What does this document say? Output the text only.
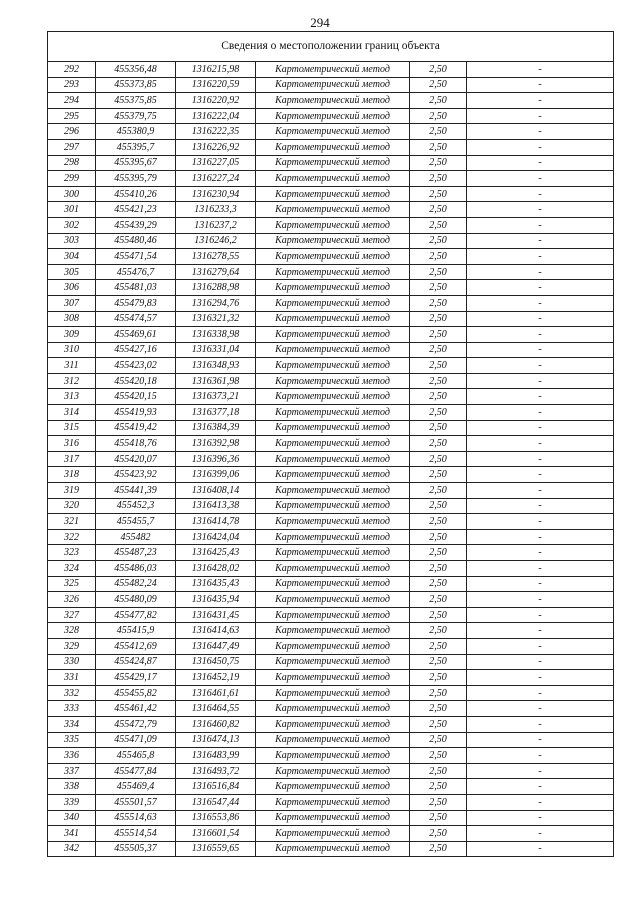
294
Сведения о местоположении границ объекта					
292	455356,48	1316215,98	Картометрический метод	2,50	-
293	455373,85	1316220,59	Картометрический метод	2,50	-
294	455375,85	1316220,92	Картометрический метод	2,50	-
295	455379,75	1316222,04	Картометрический метод	2,50	-
296	455380,9	1316222,35	Картометрический метод	2,50	-
297	455395,7	1316226,92	Картометрический метод	2,50	-
298	455395,67	1316227,05	Картометрический метод	2,50	-
299	455395,79	1316227,24	Картометрический метод	2,50	-
300	455410,26	1316230,94	Картометрический метод	2,50	-
301	455421,23	1316233,3	Картометрический метод	2,50	-
302	455439,29	1316237,2	Картометрический метод	2,50	-
303	455480,46	1316246,2	Картометрический метод	2,50	-
304	455471,54	1316278,55	Картометрический метод	2,50	-
305	455476,7	1316279,64	Картометрический метод	2,50	-
306	455481,03	1316288,98	Картометрический метод	2,50	-
307	455479,83	1316294,76	Картометрический метод	2,50	-
308	455474,57	1316321,32	Картометрический метод	2,50	-
309	455469,61	1316338,98	Картометрический метод	2,50	-
310	455427,16	1316331,04	Картометрический метод	2,50	-
311	455423,02	1316348,93	Картометрический метод	2,50	-
312	455420,18	1316361,98	Картометрический метод	2,50	-
313	455420,15	1316373,21	Картометрический метод	2,50	-
314	455419,93	1316377,18	Картометрический метод	2,50	-
315	455419,42	1316384,39	Картометрический метод	2,50	-
316	455418,76	1316392,98	Картометрический метод	2,50	-
317	455420,07	1316396,36	Картометрический метод	2,50	-
318	455423,92	1316399,06	Картометрический метод	2,50	-
319	455441,39	1316408,14	Картометрический метод	2,50	-
320	455452,3	1316413,38	Картометрический метод	2,50	-
321	455455,7	1316414,78	Картометрический метод	2,50	-
322	455482	1316424,04	Картометрический метод	2,50	-
323	455487,23	1316425,43	Картометрический метод	2,50	-
324	455486,03	1316428,02	Картометрический метод	2,50	-
325	455482,24	1316435,43	Картометрический метод	2,50	-
326	455480,09	1316435,94	Картометрический метод	2,50	-
327	455477,82	1316431,45	Картометрический метод	2,50	-
328	455415,9	1316414,63	Картометрический метод	2,50	-
329	455412,69	1316447,49	Картометрический метод	2,50	-
330	455424,87	1316450,75	Картометрический метод	2,50	-
331	455429,17	1316452,19	Картометрический метод	2,50	-
332	455455,82	1316461,61	Картометрический метод	2,50	-
333	455461,42	1316464,55	Картометрический метод	2,50	-
334	455472,79	1316460,82	Картометрический метод	2,50	-
335	455471,09	1316474,13	Картометрический метод	2,50	-
336	455465,8	1316483,99	Картометрический метод	2,50	-
337	455477,84	1316493,72	Картометрический метод	2,50	-
338	455469,4	1316516,84	Картометрический метод	2,50	-
339	455501,57	1316547,44	Картометрический метод	2,50	-
340	455514,63	1316553,86	Картометрический метод	2,50	-
341	455514,54	1316601,54	Картометрический метод	2,50	-
342	455505,37	1316559,65	Картометрический метод	2,50	-
